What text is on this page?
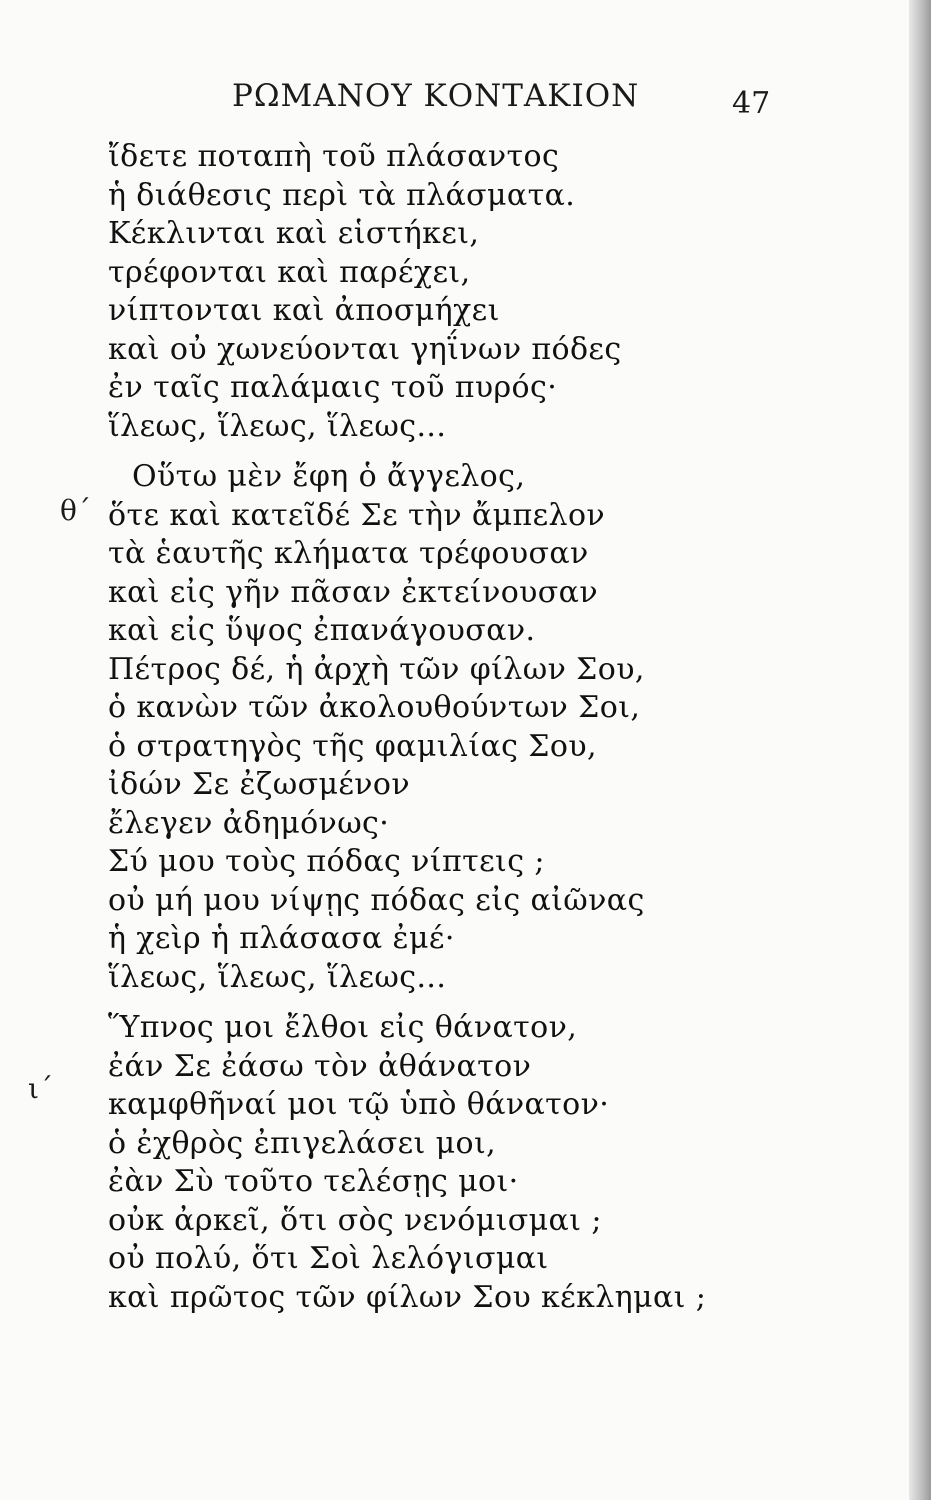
ΡΩΜΑΝΟΥ ΚΟΝΤΑΚΙΟΝ	47
θ´
ι´
ἴδετε ποταπὴ τοῦ πλάσαντος
ἡ διάθεσις περὶ τὰ πλάσματα.
Κέκλινται καὶ εἱστήκει,
τρέφονται καὶ παρέχει,
νίπτονται καὶ ἀποσμήχει
καὶ οὐ χωνεύονται γηΐνων πόδες
ἐν ταῖς παλάμαις τοῦ πυρός·
ἵλεως, ἵλεως, ἵλεως...
Οὕτω μὲν ἔφη ὁ ἄγγελος,
ὅτε καὶ κατεῖδέ Σε τὴν ἄμπελον
τὰ ἑαυτῆς κλήματα τρέφουσαν
καὶ εἰς γῆν πᾶσαν ἐκτείνουσαν
καὶ εἰς ὕψος ἐπανάγουσαν.
Πέτρος δέ, ἡ ἀρχὴ τῶν φίλων Σου,
ὁ κανὼν τῶν ἀκολουθούντων Σοι,
ὁ στρατηγὸς τῆς φαμιλίας Σου,
ἰδών Σε ἐζωσμένον
ἔλεγεν ἀδημόνως·
Σύ μου τοὺς πόδας νίπτεις ;
οὐ μή μου νίψῃς πόδας εἰς αἰῶνας
ἡ χεὶρ ἡ πλάσασα ἐμέ·
ἵλεως, ἵλεως, ἵλεως...
Ὕπνος μοι ἔλθοι εἰς θάνατον,
ἐάν Σε ἐάσω τὸν ἀθάνατον
καμφθῆναί μοι τῷ ὑπὸ θάνατον·
ὁ ἐχθρὸς ἐπιγελάσει μοι,
ἐὰν Σὺ τοῦτο τελέσῃς μοι·
οὐκ ἀρκεῖ, ὅτι σὸς νενόμισμαι ;
οὐ πολύ, ὅτι Σοὶ λελόγισμαι
καὶ πρῶτος τῶν φίλων Σου κέκλημαι ;
